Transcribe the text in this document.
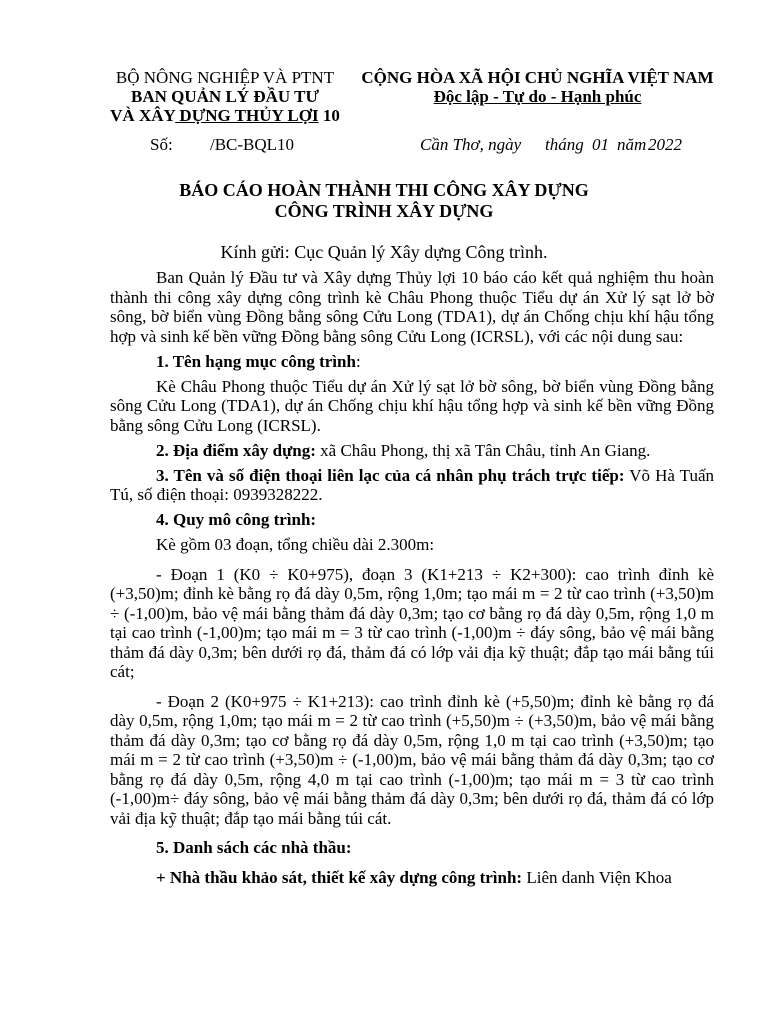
BỘ NÔNG NGHIỆP VÀ PTNT
BAN QUẢN LÝ ĐẦU TƯ
VÀ XÂY DỰNG THỦY LỢI 10
CỘNG HÒA XÃ HỘI CHỦ NGHĨA VIỆT NAM
Độc lập - Tự do - Hạnh phúc
Số: /BC-BQL10	Cần Thơ, ngày tháng 01 năm 2022
BÁO CÁO HOÀN THÀNH THI CÔNG XÂY DỰNG
CÔNG TRÌNH XÂY DỰNG
Kính gửi: Cục Quản lý Xây dựng Công trình.

Ban Quản lý Đầu tư và Xây dựng Thủy lợi 10 báo cáo kết quả nghiệm thu hoàn thành thi công xây dựng công trình kè Châu Phong thuộc Tiểu dự án Xử lý sạt lở bờ sông, bờ biển vùng Đồng bằng sông Cửu Long (TDA1), dự án Chống chịu khí hậu tổng hợp và sinh kế bền vững Đồng bằng sông Cửu Long (ICRSL), với các nội dung sau:

1. Tên hạng mục công trình:

Kè Châu Phong thuộc Tiểu dự án Xử lý sạt lở bờ sông, bờ biển vùng Đồng bằng sông Cửu Long (TDA1), dự án Chống chịu khí hậu tổng hợp và sinh kế bền vững Đồng bằng sông Cửu Long (ICRSL).

2. Địa điểm xây dựng: xã Châu Phong, thị xã Tân Châu, tỉnh An Giang.

3. Tên và số điện thoại liên lạc của cá nhân phụ trách trực tiếp: Võ Hà Tuấn Tú, số điện thoại: 0939328222.

4. Quy mô công trình:

Kè gồm 03 đoạn, tổng chiều dài 2.300m:

- Đoạn 1 (K0 ÷ K0+975), đoạn 3 (K1+213 ÷ K2+300): cao trình đỉnh kè (+3,50)m; đỉnh kè bằng rọ đá dày 0,5m, rộng 1,0m; tạo mái m = 2 từ cao trình (+3,50)m ÷ (-1,00)m, bảo vệ mái bằng thảm đá dày 0,3m; tạo cơ bằng rọ đá dày 0,5m, rộng 1,0 m tại cao trình (-1,00)m; tạo mái m = 3 từ cao trình (-1,00)m ÷ đáy sông, bảo vệ mái bằng thảm đá dày 0,3m; bên dưới rọ đá, thảm đá có lớp vải địa kỹ thuật; đắp tạo mái bằng túi cát;

- Đoạn 2 (K0+975 ÷ K1+213): cao trình đỉnh kè (+5,50)m; đỉnh kè bằng rọ đá dày 0,5m, rộng 1,0m; tạo mái m = 2 từ cao trình (+5,50)m ÷ (+3,50)m, bảo vệ mái bằng thảm đá dày 0,3m; tạo cơ bằng rọ đá dày 0,5m, rộng 1,0 m tại cao trình (+3,50)m; tạo mái m = 2 từ cao trình (+3,50)m ÷ (-1,00)m, bảo vệ mái bằng thảm đá dày 0,3m; tạo cơ bằng rọ đá dày 0,5m, rộng 4,0 m tại cao trình (-1,00)m; tạo mái m = 3 từ cao trình (-1,00)m÷ đáy sông, bảo vệ mái bằng thảm đá dày 0,3m; bên dưới rọ đá, thảm đá có lớp vải địa kỹ thuật; đắp tạo mái bằng túi cát.

5. Danh sách các nhà thầu:

+ Nhà thầu khảo sát, thiết kế xây dựng công trình: Liên danh Viện Khoa
